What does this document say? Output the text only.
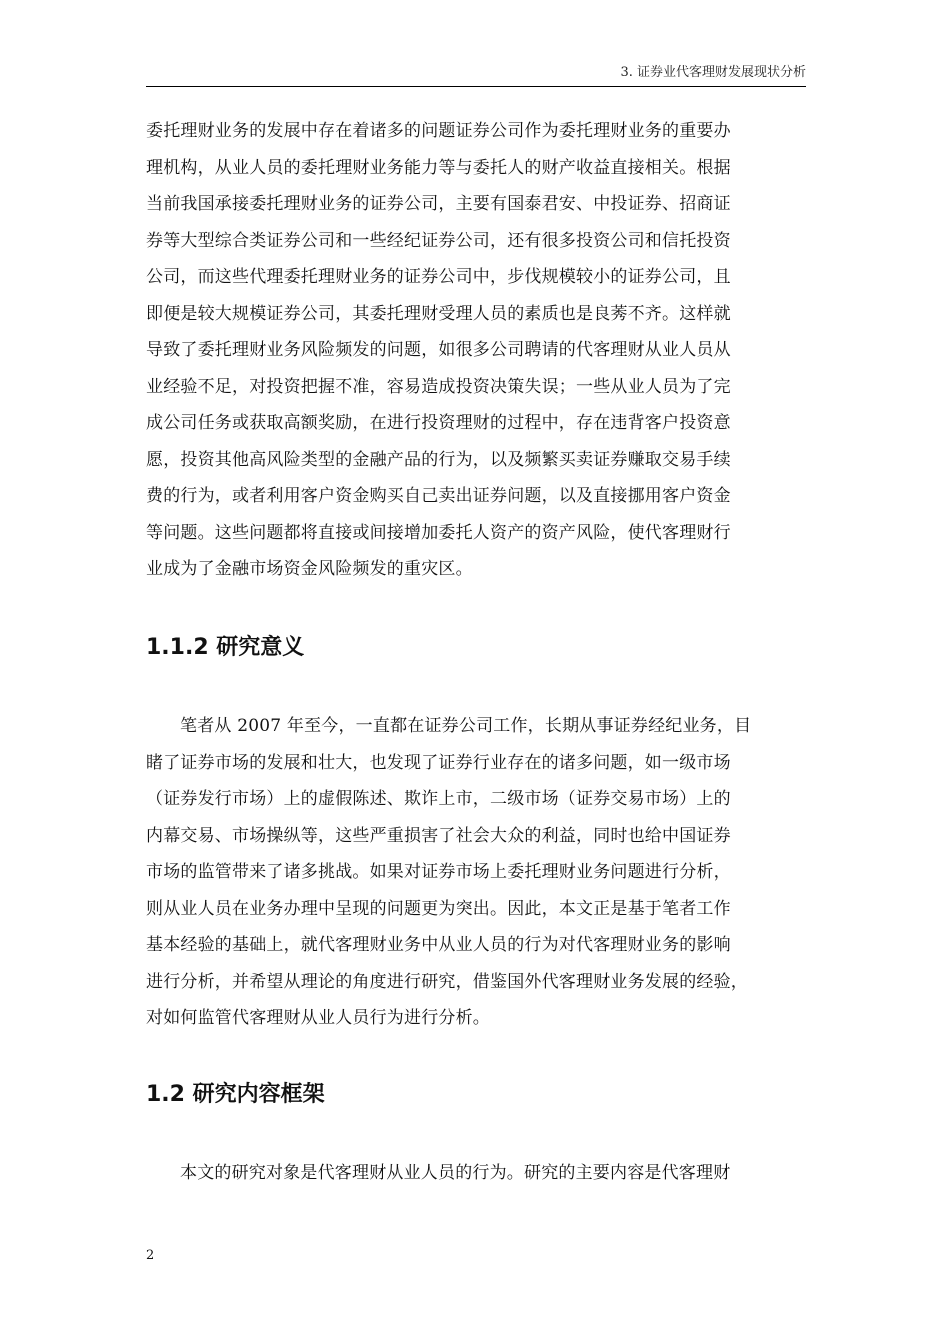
3. 证券业代客理财发展现状分析
委托理财业务的发展中存在着诸多的问题证券公司作为委托理财业务的重要办
理机构，从业人员的委托理财业务能力等与委托人的财产收益直接相关。根据
当前我国承接委托理财业务的证券公司，主要有国泰君安、中投证券、招商证
券等大型综合类证券公司和一些经纪证券公司，还有很多投资公司和信托投资
公司，而这些代理委托理财业务的证券公司中，步伐规模较小的证券公司，且
即便是较大规模证券公司，其委托理财受理人员的素质也是良莠不齐。这样就
导致了委托理财业务风险频发的问题，如很多公司聘请的代客理财从业人员从
业经验不足，对投资把握不准，容易造成投资决策失误；一些从业人员为了完
成公司任务或获取高额奖励，在进行投资理财的过程中，存在违背客户投资意
愿，投资其他高风险类型的金融产品的行为，以及频繁买卖证券赚取交易手续
费的行为，或者利用客户资金购买自己卖出证券问题，以及直接挪用客户资金
等问题。这些问题都将直接或间接增加委托人资产的资产风险，使代客理财行
业成为了金融市场资金风险频发的重灾区。
1.1.2 研究意义
笔者从 2007 年至今，一直都在证券公司工作，长期从事证券经纪业务，目
睹了证券市场的发展和壮大，也发现了证券行业存在的诸多问题，如一级市场
（证券发行市场）上的虚假陈述、欺诈上市，二级市场（证券交易市场）上的
内幕交易、市场操纵等，这些严重损害了社会大众的利益，同时也给中国证券
市场的监管带来了诸多挑战。如果对证券市场上委托理财业务问题进行分析，
则从业人员在业务办理中呈现的问题更为突出。因此，本文正是基于笔者工作
基本经验的基础上，就代客理财业务中从业人员的行为对代客理财业务的影响
进行分析，并希望从理论的角度进行研究，借鉴国外代客理财业务发展的经验，
对如何监管代客理财从业人员行为进行分析。
1.2 研究内容框架
本文的研究对象是代客理财从业人员的行为。研究的主要内容是代客理财
2
